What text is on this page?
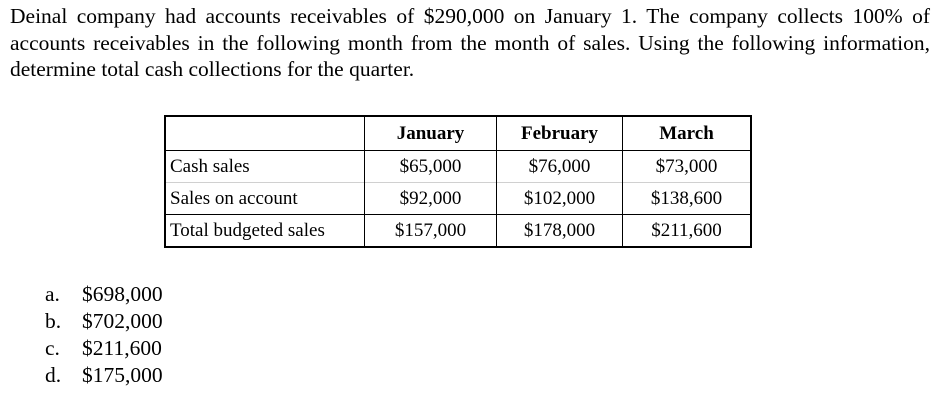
Deinal company had accounts receivables of $290,000 on January 1. The company collects 100% of accounts receivables in the following month from the month of sales. Using the following information, determine total cash collections for the quarter.

	January	February	March
Cash sales	$65,000	$76,000	$73,000
Sales on account	$92,000	$102,000	$138,600
Total budgeted sales	$157,000	$178,000	$211,600
a. $698,000
b. $702,000
c. $211,600
d. $175,000
